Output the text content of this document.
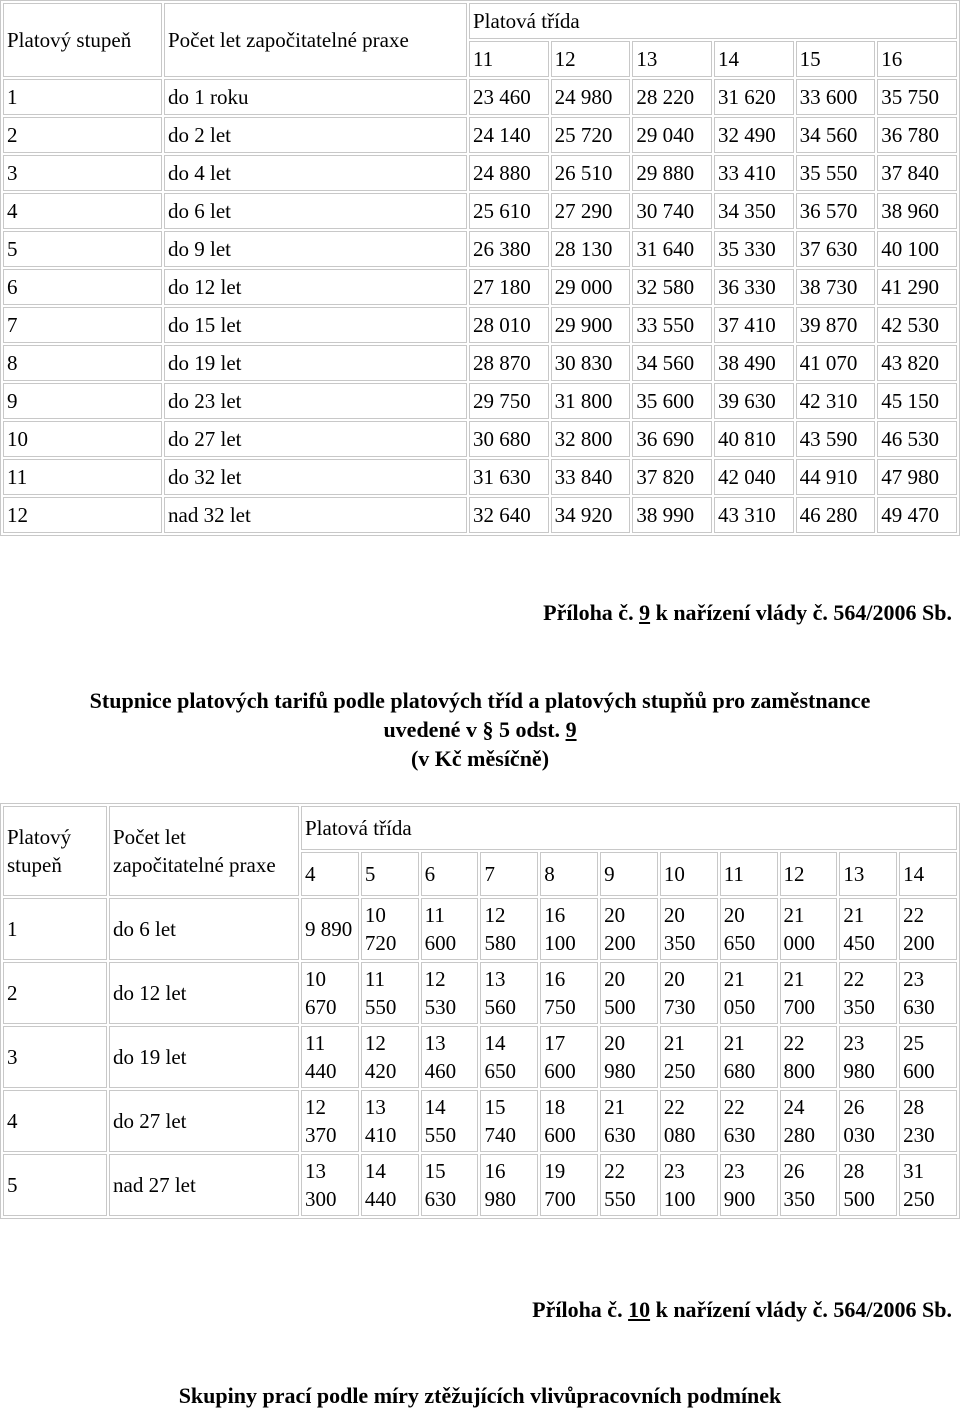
Platový stupeň	Počet let započitatelné praxe	Platová třída					
		11	12	13	14	15	16
1	do 1 roku	23 460	24 980	28 220	31 620	33 600	35 750
2	do 2 let	24 140	25 720	29 040	32 490	34 560	36 780
3	do 4 let	24 880	26 510	29 880	33 410	35 550	37 840
4	do 6 let	25 610	27 290	30 740	34 350	36 570	38 960
5	do 9 let	26 380	28 130	31 640	35 330	37 630	40 100
6	do 12 let	27 180	29 000	32 580	36 330	38 730	41 290
7	do 15 let	28 010	29 900	33 550	37 410	39 870	42 530
8	do 19 let	28 870	30 830	34 560	38 490	41 070	43 820
9	do 23 let	29 750	31 800	35 600	39 630	42 310	45 150
10	do 27 let	30 680	32 800	36 690	40 810	43 590	46 530
11	do 32 let	31 630	33 840	37 820	42 040	44 910	47 980
12	nad 32 let	32 640	34 920	38 990	43 310	46 280	49 470
Příloha č. 9 k nařízení vlády č. 564/2006 Sb.
Stupnice platových tarifů podle platových tříd a platových stupňů pro zaměstnance
uvedené v § 5 odst. 9
(v Kč měsíčně)
Platový stupeň	Počet let započitatelné praxe	Platová třída										
		4	5	6	7	8	9	10	11	12	13	14
1	do 6 let	9 890	10 720	11 600	12 580	16 100	20 200	20 350	20 650	21 000	21 450	22 200
2	do 12 let	10 670	11 550	12 530	13 560	16 750	20 500	20 730	21 050	21 700	22 350	23 630
3	do 19 let	11 440	12 420	13 460	14 650	17 600	20 980	21 250	21 680	22 800	23 980	25 600
4	do 27 let	12 370	13 410	14 550	15 740	18 600	21 630	22 080	22 630	24 280	26 030	28 230
5	nad 27 let	13 300	14 440	15 630	16 980	19 700	22 550	23 100	23 900	26 350	28 500	31 250
Příloha č. 10 k nařízení vlády č. 564/2006 Sb.
Skupiny prací podle míry ztěžujících vlivůpracovních podmínek
